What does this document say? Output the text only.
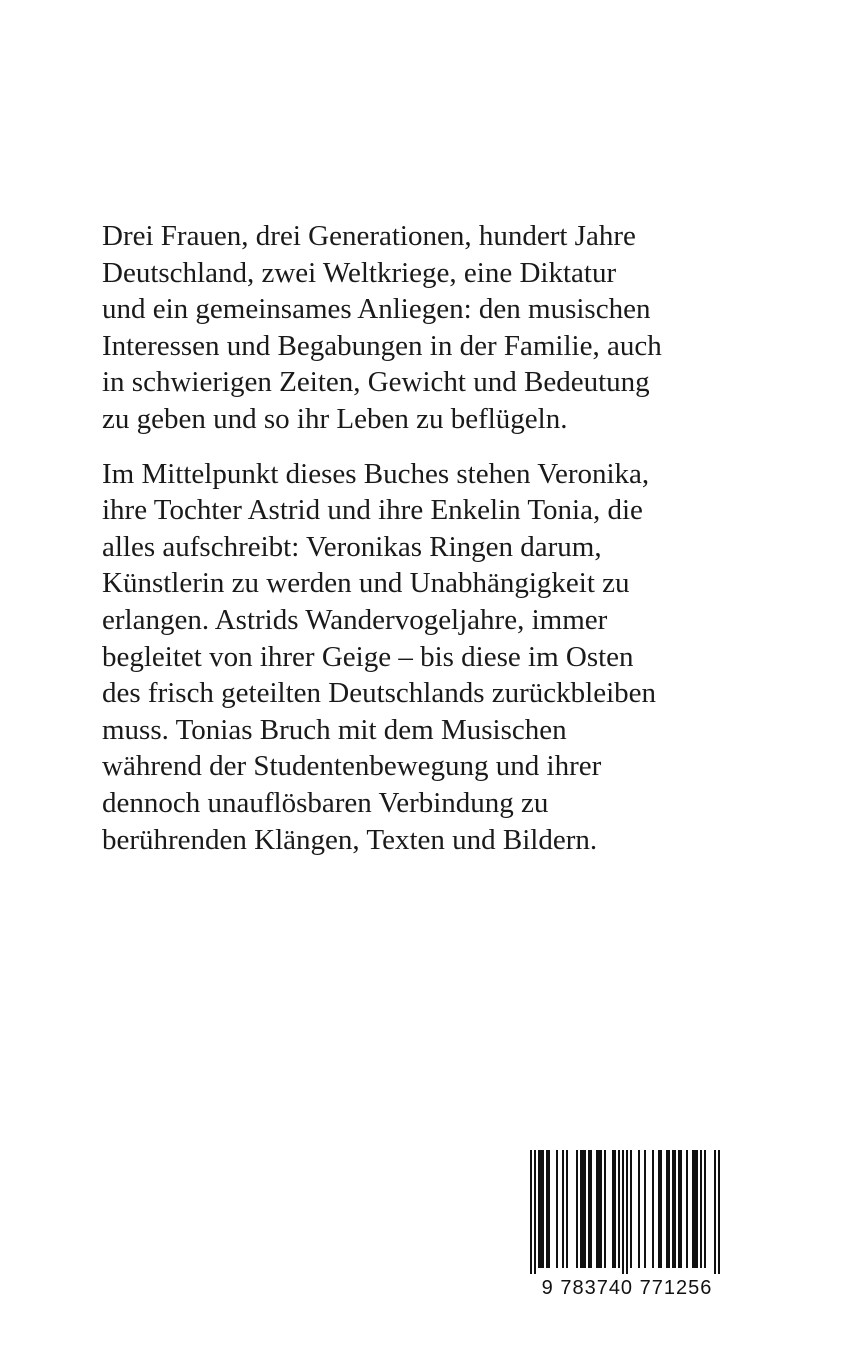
Drei Frauen, drei Generationen, hundert Jahre
Deutschland, zwei Weltkriege, eine Diktatur
und ein gemeinsames Anliegen: den musischen
Interessen und Begabungen in der Familie, auch
in schwierigen Zeiten, Gewicht und Bedeutung
zu geben und so ihr Leben zu beflügeln.

Im Mittelpunkt dieses Buches stehen Veronika,
ihre Tochter Astrid und ihre Enkelin Tonia, die
alles aufschreibt: Veronikas Ringen darum,
Künstlerin zu werden und Unabhängigkeit zu
erlangen. Astrids Wandervogeljahre, immer
begleitet von ihrer Geige – bis diese im Osten
des frisch geteilten Deutschlands zurückbleiben
muss. Tonias Bruch mit dem Musischen
während der Studentenbewegung und ihrer
dennoch unauflösbaren Verbindung zu
berührenden Klängen, Texten und Bildern.

9 783740 771256
